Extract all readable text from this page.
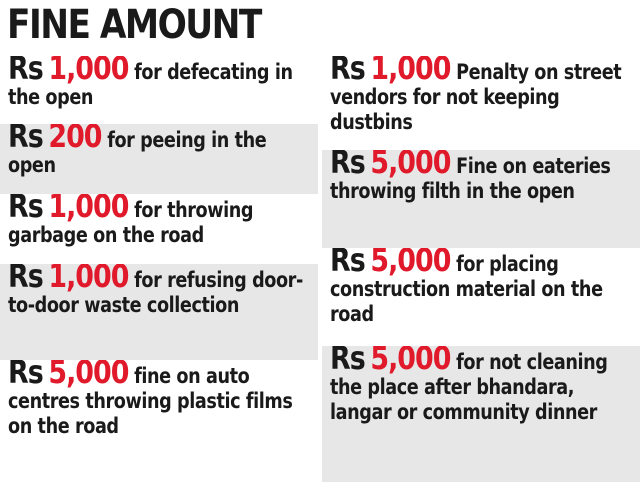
FINE AMOUNT

Rs 1,000 for defecating in the open

Rs 200 for peeing in the open

Rs 1,000 for throwing garbage on the road

Rs 1,000 for refusing door-to-door waste collection

Rs 5,000 fine on auto centres throwing plastic films on the road

Rs 1,000 Penalty on street vendors for not keeping dustbins

Rs 5,000 Fine on eateries throwing filth in the open

Rs 5,000 for placing construction material on the road

Rs 5,000 for not cleaning the place after bhandara, langar or community dinner
